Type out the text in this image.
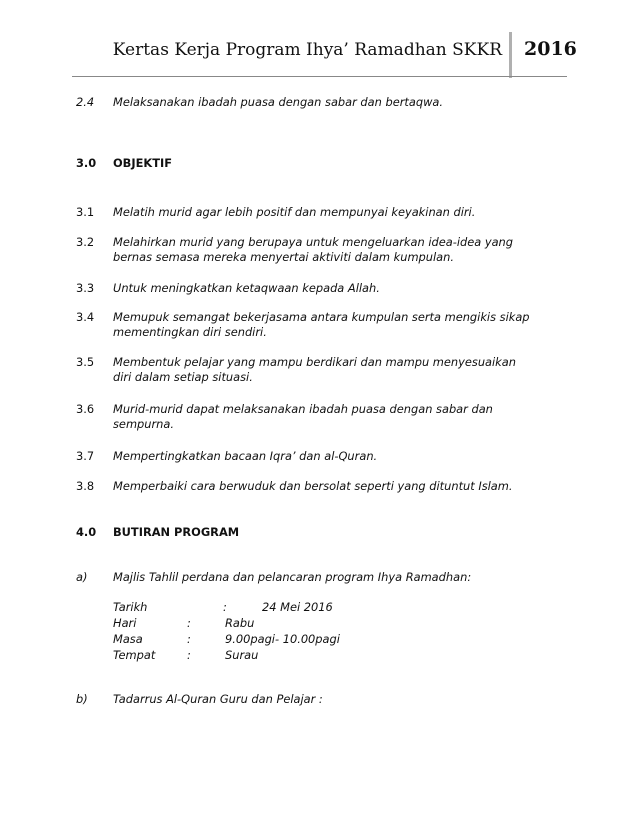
Kertas Kerja Program Ihya’ Ramadhan SKKR 2016
2.4	Melaksanakan ibadah puasa dengan sabar dan bertaqwa.
3.0	OBJEKTIF
3.1	Melatih murid agar lebih positif dan mempunyai keyakinan diri.
3.2	Melahirkan murid yang berupaya untuk mengeluarkan idea-idea yang
bernas semasa mereka menyertai aktiviti dalam kumpulan.
3.3	Untuk meningkatkan ketaqwaan kepada Allah.
3.4	Memupuk semangat bekerjasama antara kumpulan serta mengikis sikap
mementingkan diri sendiri.
3.5	Membentuk pelajar yang mampu berdikari dan mampu menyesuaikan
diri dalam setiap situasi.
3.6	Murid-murid dapat melaksanakan ibadah puasa dengan sabar dan
sempurna.
3.7	Mempertingkatkan bacaan Iqra’ dan al-Quran.
3.8	Memperbaiki cara berwuduk dan bersolat seperti yang dituntut Islam.
4.0	BUTIRAN PROGRAM
a)	Majlis Tahlil perdana dan pelancaran program Ihya Ramadhan:
Tarikh	:	24 Mei 2016
Hari	:	Rabu
Masa	:	9.00pagi- 10.00pagi
Tempat	:	Surau
b)	Tadarrus Al-Quran Guru dan Pelajar :
